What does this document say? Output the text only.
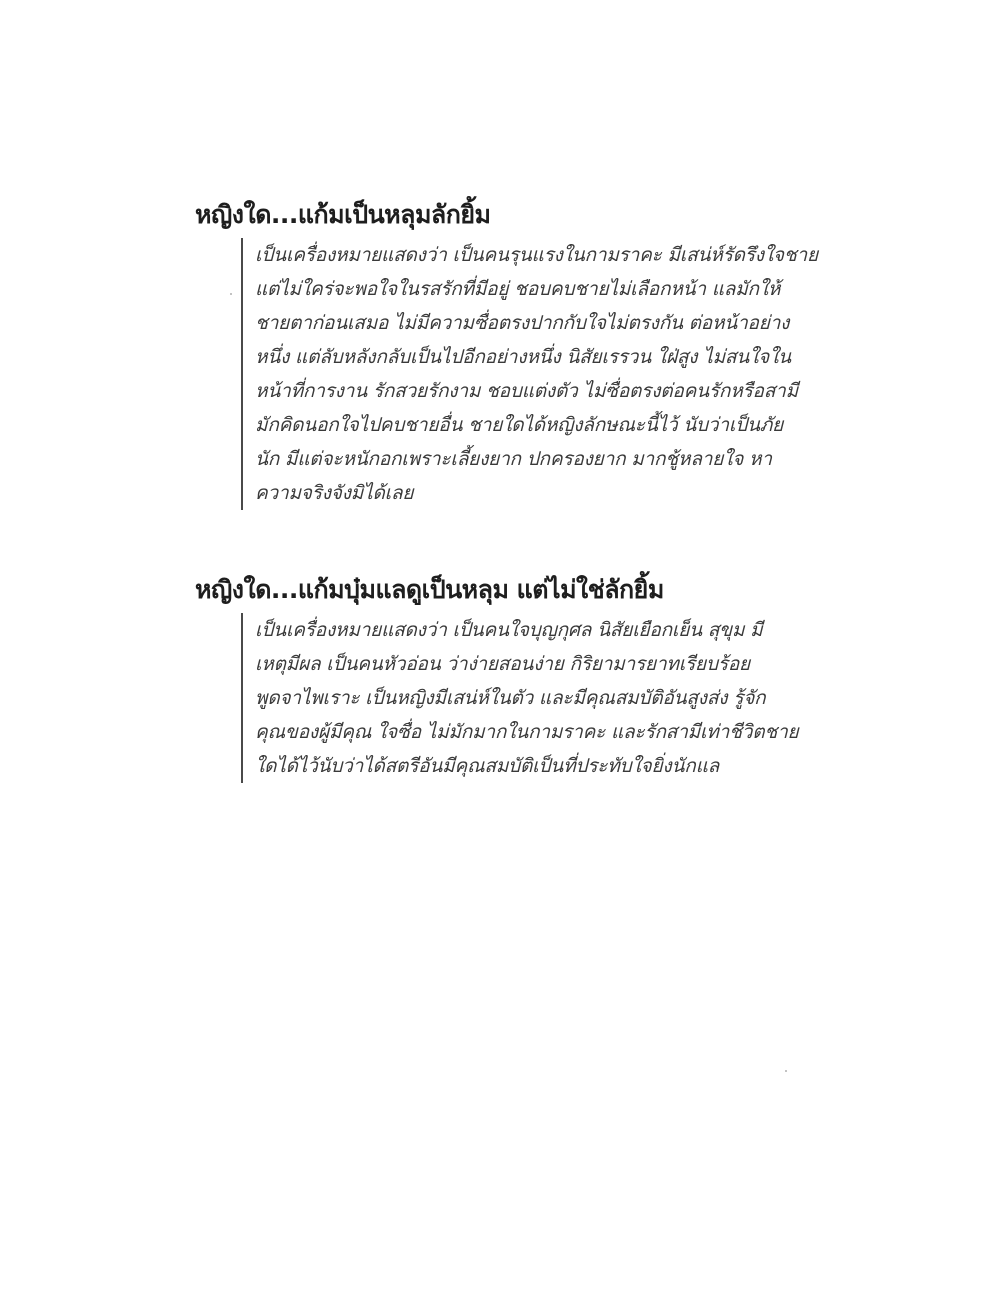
หญิงใด...แก้มเป็นหลุมลักยิ้ม
เป็นเครื่องหมายแสดงว่า เป็นคนรุนแรงในกามราคะ มีเสน่ห์รัดรึงใจชาย
แต่ไม่ใคร่จะพอใจในรสรักที่มีอยู่ ชอบคบชายไม่เลือกหน้า แลมักให้
ชายตาก่อนเสมอ ไม่มีความซื่อตรงปากกับใจไม่ตรงกัน ต่อหน้าอย่าง
หนึ่ง แต่ลับหลังกลับเป็นไปอีกอย่างหนึ่ง นิสัยเรรวน ใฝ่สูง ไม่สนใจใน
หน้าที่การงาน รักสวยรักงาม ชอบแต่งตัว ไม่ซื่อตรงต่อคนรักหรือสามี
มักคิดนอกใจไปคบชายอื่น ชายใดได้หญิงลักษณะนี้ไว้ นับว่าเป็นภัย
นัก มีแต่จะหนักอกเพราะเลี้ยงยาก ปกครองยาก มากชู้หลายใจ หา
ความจริงจังมิได้เลย
หญิงใด...แก้มบุ๋มแลดูเป็นหลุม แต่ไม่ใช่ลักยิ้ม
เป็นเครื่องหมายแสดงว่า เป็นคนใจบุญกุศล นิสัยเยือกเย็น สุขุม มี
เหตุมีผล เป็นคนหัวอ่อน ว่าง่ายสอนง่าย กิริยามารยาทเรียบร้อย
พูดจาไพเราะ เป็นหญิงมีเสน่ห์ในตัว และมีคุณสมบัติอันสูงส่ง รู้จัก
คุณของผู้มีคุณ ใจซื่อ ไม่มักมากในกามราคะ และรักสามีเท่าชีวิตชาย
ใดได้ไว้นับว่าได้สตรีอันมีคุณสมบัติเป็นที่ประทับใจยิ่งนักแล
